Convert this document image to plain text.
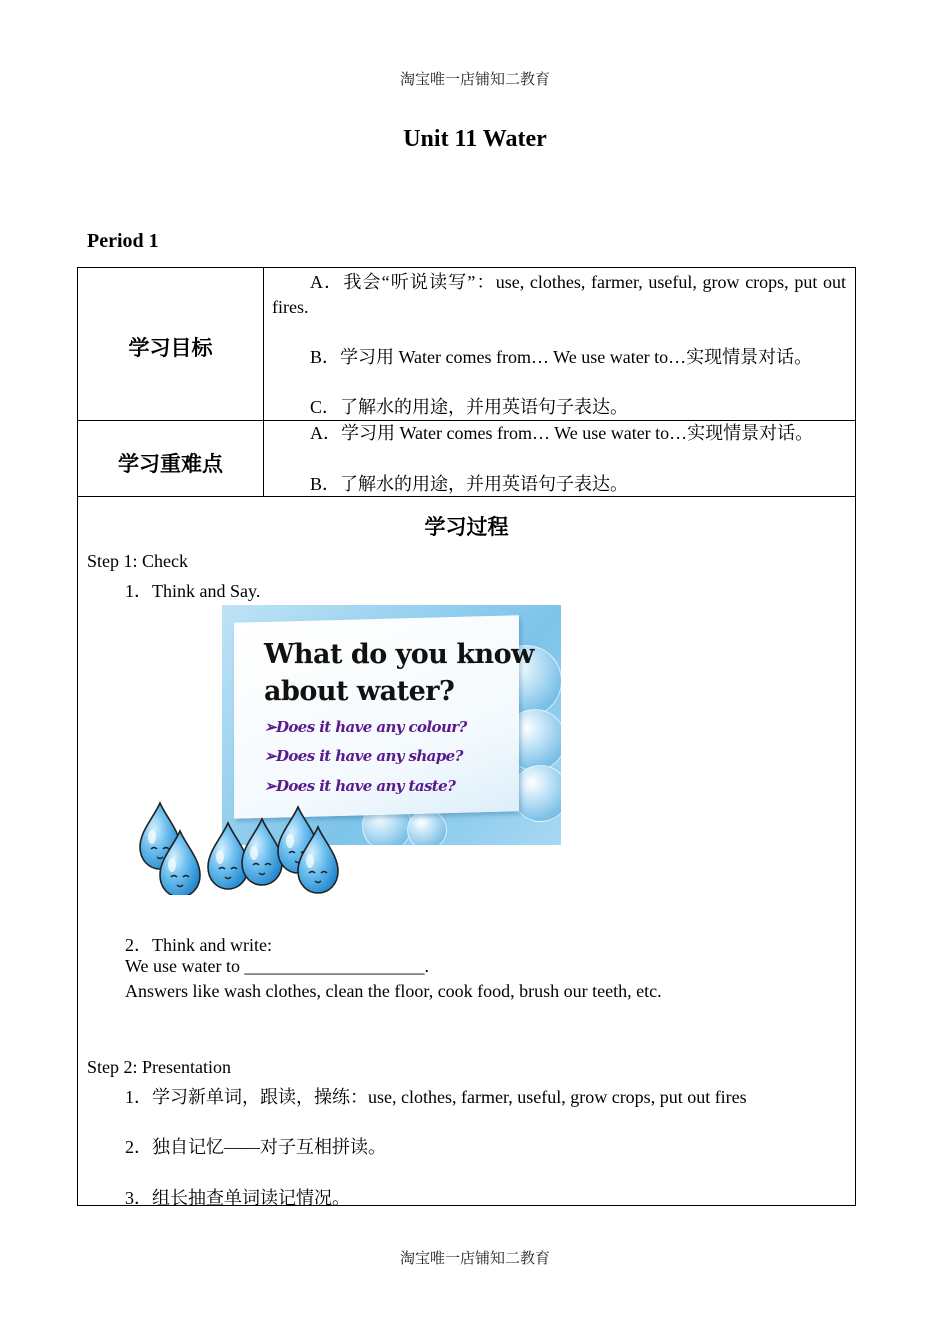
淘宝唯一店铺知二教育
Unit 11 Water
Period 1
学习目标
A．我会“听说读写”：use, clothes, farmer, useful, grow crops, put out fires.
B．学习用 Water comes from… We use water to…实现情景对话。
C．了解水的用途，并用英语句子表达。
学习重难点
A．学习用 Water comes from… We use water to…实现情景对话。
B．了解水的用途，并用英语句子表达。
学习过程
Step 1: Check
1．Think and Say.
2．Think and write:
We use water to ____________________.
Answers like wash clothes, clean the floor, cook food, brush our teeth, etc.
Step 2: Presentation
1．学习新单词，跟读，操练：use, clothes, farmer, useful, grow crops, put out fires
2．独自记忆——对子互相拼读。
3．组长抽查单词读记情况。
What do you know
about water?
➢Does it have any colour?
➢Does it have any shape?
➢Does it have any taste?
淘宝唯一店铺知二教育
